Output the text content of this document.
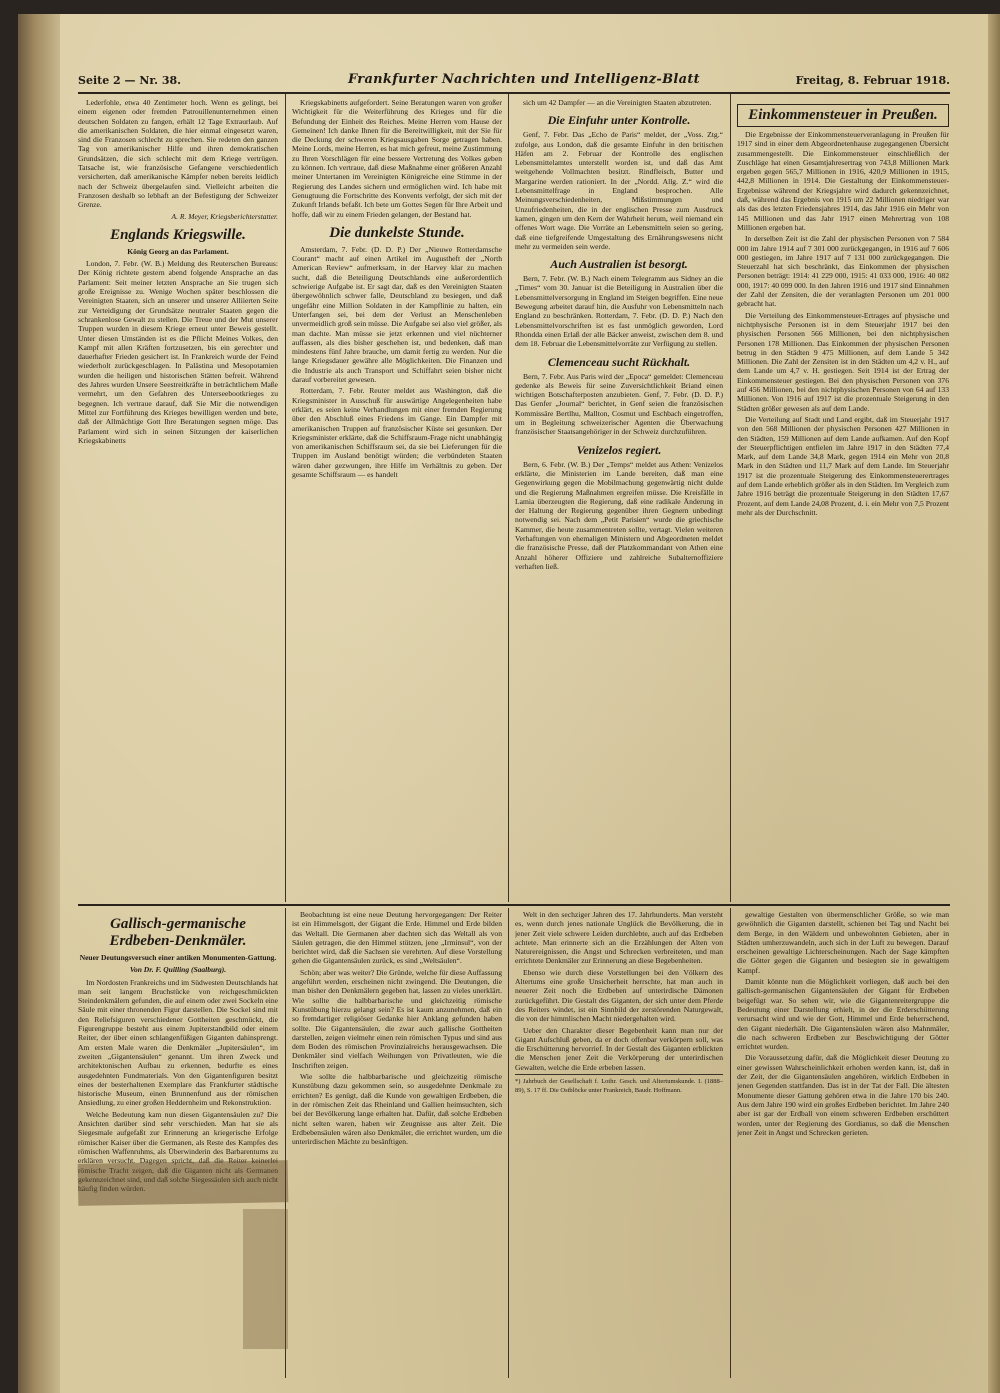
Seite 2 — Nr. 38.	Frankfurter Nachrichten und Intelligenz-Blatt	Freitag, 8. Februar 1918.

Lederfohle, etwa 40 Zentimeter hoch. Wenn es gelingt, bei einem eigenen oder fremden Patrouillenunternehmen einen deutschen Soldaten zu fangen, erhält 12 Tage Extraurlaub. Auf die amerikanischen Soldaten, die hier einmal eingesetzt waren, sind die Franzosen schlecht zu sprechen. Sie redeten den ganzen Tag von amerikanischer Hilfe und ihren demokratischen Grundsätzen, die sich schlecht mit dem Kriege vertrügen. Tatsache ist, wie französische Gefangene verschiedentlich versicherten, daß amerikanische Kämpfer neben bereits leidlich nach der Schweiz übergelaufen sind. Vielleicht arbeiten die Franzosen deshalb so lebhaft an der Befestigung der Schweizer Grenze.

A. R. Meyer, Kriegsberichterstatter.
Englands Kriegswille.
König Georg an das Parlament.

London, 7. Febr. (W. B.) Meldung des Reuterschen Bureaus: Der König richtete gestern abend folgende Ansprache an das Parlament: Seit meiner letzten Ansprache an Sie trugen sich große Ereignisse zu. Wenige Wochen später beschlossen die Vereinigten Staaten, sich an unserer und unserer Alliierten Seite zur Verteidigung der Grundsätze neutraler Staaten gegen die schrankenlose Gewalt zu stellen. Die Treue und der Mut unserer Truppen wurden in diesem Kriege erneut unter Beweis gestellt. Unter diesen Umständen ist es die Pflicht Meines Volkes, den Kampf mit allen Kräften fortzusetzen, bis ein gerechter und dauerhafter Frieden gesichert ist. In Frankreich wurde der Feind wiederholt zurückgeschlagen. In Palästina und Mesopotamien wurden die heiligen und historischen Stätten befreit. Während des Jahres wurden Unsere Seestreitkräfte in beträchtlichem Maße vermehrt, um den Gefahren des Unterseebootkrieges zu begegnen. Ich vertraue darauf, daß Sie Mir die notwendigen Mittel zur Fortführung des Krieges bewilligen werden und bete, daß der Allmächtige Gott Ihre Beratungen segnen möge. Das Parlament wird sich in seinen Sitzungen der kaiserlichen Kriegskabinetts

Kriegskabinetts aufgefordert. Seine Beratungen waren von großer Wichtigkeit für die Weiterführung des Krieges und für die Befundung der Einheit des Reiches. Meine Herren vom Hause der Gemeinen! Ich danke Ihnen für die Bereitwilligkeit, mit der Sie für die Deckung der schweren Kriegsausgaben Sorge getragen haben. Meine Lords, meine Herren, es hat mich gefreut, meine Zustimmung zu Ihren Vorschlägen für eine bessere Vertretung des Volkes geben zu können. Ich vertraue, daß diese Maßnahme einer größeren Anzahl meiner Untertanen im Vereinigten Königreiche eine Stimme in der Regierung des Landes sichern und ermöglichen wird. Ich habe mit Genugtuung die Fortschritte des Konvents verfolgt, der sich mit der Zukunft Irlands befaßt. Ich bete um Gottes Segen für Ihre Arbeit und hoffe, daß wir zu einem Frieden gelangen, der Bestand hat.

Die dunkelste Stunde.

Amsterdam, 7. Febr. (D. D. P.) Der „Nieuwe Rotterdamsche Courant“ macht auf einen Artikel im Augustheft der „North American Review“ aufmerksam, in der Harvey klar zu machen sucht, daß die Beteiligung Deutschlands eine außerordentlich schwierige Aufgabe ist. Er sagt dar, daß es den Vereinigten Staaten übergewöhnlich schwer falle, Deutschland zu besiegen, und daß ungefähr eine Million Soldaten in der Kampflinie zu halten, ein Unterfangen sei, bei dem der Verlust an Menschenleben unvermeidlich groß sein müsse. Die Aufgabe sei also viel größer, als man dachte. Man müsse sie jetzt erkennen und viel nüchterner auffassen, als dies bisher geschehen ist, und bedenken, daß man mindestens fünf Jahre brauche, um damit fertig zu werden. Nur die lange Kriegsdauer gewähre alle Möglichkeiten. Die Finanzen und die Industrie als auch Transport und Schiffahrt seien bisher nicht darauf vorbereitet gewesen.

Rotterdam, 7. Febr. Reuter meldet aus Washington, daß die Kriegsminister in Ausschuß für auswärtige Angelegenheiten habe erklärt, es seien keine Verhandlungen mit einer fremden Regierung über den Abschluß eines Friedens im Gange. Ein Dampfer mit amerikanischen Truppen auf französischer Küste sei gesunken. Der Kriegsminister erklärte, daß die Schiffsraum-Frage nicht unabhängig von amerikanischen Schiffsraum sei, da sie bei Lieferungen für die Truppen im Ausland benötigt würden; die verbündeten Staaten wären daher gezwungen, ihre Hilfe im Verhältnis zu geben. Der gesamte Schiffsraum — es handelt

sich um 42 Dampfer — an die Vereinigten Staaten abzutreten.

Die Einfuhr unter Kontrolle.

Genf, 7. Febr. Das „Echo de Paris“ meldet, der „Voss. Ztg.“ zufolge, aus London, daß die gesamte Einfuhr in den britischen Häfen am 2. Februar der Kontrolle des englischen Lebensmittelamtes unterstellt worden ist, und daß das Amt weitgehende Vollmachten besitzt. Rindfleisch, Butter und Margarine werden rationiert. In der „Nordd. Allg. Z.“ wird die Lebensmittelfrage in England besprochen. Alle Meinungsverschiedenheiten, Mißstimmungen und Unzufriedenheiten, die in der englischen Presse zum Ausdruck kamen, gingen um den Kern der Wahrheit herum, weil niemand ein offenes Wort wage. Die Vorräte an Lebensmitteln seien so gering, daß eine tiefgreifende Umgestaltung des Ernährungswesens nicht mehr zu vermeiden sein werde.

Auch Australien ist besorgt.

Bern, 7. Febr. (W. B.) Nach einem Telegramm aus Sidney an die „Times“ vom 30. Januar ist die Beteiligung in Australien über die Lebensmittelversorgung in England im Steigen begriffen. Eine neue Bewegung arbeitet darauf hin, die Ausfuhr von Lebensmitteln nach England zu beschränken. Rotterdam, 7. Febr. (D. D. P.) Nach den Lebensmittelvorschriften ist es fast unmöglich geworden, Lord Rhondda einen Erlaß der alle Bäcker anweist, zwischen dem 8. und dem 18. Februar die Lebensmittelvorräte zur Verfügung zu stellen.

Clemenceau sucht Rückhalt.

Bern, 7. Febr. Aus Paris wird der „Epoca“ gemeldet: Clemenceau gedenke als Beweis für seine Zuversichtlichkeit Briand einen wichtigen Botschafterposten anzubieten. Genf, 7. Febr. (D. D. P.) Das Genfer „Journal“ berichtet, in Genf seien die französischen Kommissäre Bertlhu, Mallton, Cosmut und Eschbach eingetroffen, um in Begleitung schweizerischer Agenten die Überwachung französischer Staatsangehöriger in der Schweiz durchzuführen.

Venizelos regiert.

Bern, 6. Febr. (W. B.) Der „Temps“ meldet aus Athen: Venizelos erklärte, die Ministerien im Lande bereiten, daß man eine Gegenwirkung gegen die Mobilmachung gegenwärtig nicht dulde und die Regierung Maßnahmen ergreifen müsse. Die Kreisfälle in Lamia überzeugten die Regierung, daß eine radikale Änderung in der Haltung der Regierung gegenüber ihren Gegnern unbedingt notwendig sei. Nach dem „Petit Parisien“ wurde die griechische Kammer, die heute zusammentreten sollte, vertagt. Vielen weiteren Verhaftungen von ehemaligen Ministern und Abgeordneten meldet die französische Presse, daß der Platzkommandant von Athen eine Anzahl höherer Offiziere und zahlreiche Subalternoffiziere verhaften ließ.

Einkommensteuer in Preußen.

Die Ergebnisse der Einkommensteuerveranlagung in Preußen für 1917 sind in einer dem Abgeordnetenhause zugegangenen Übersicht zusammengestellt. Die Einkommensteuer einschließlich der Zuschläge hat einen Gesamtjahresertrag von 743,8 Millionen Mark ergeben gegen 565,7 Millionen in 1916, 420,9 Millionen in 1915, 442,8 Millionen in 1914. Die Gestaltung der Einkommensteuer-Ergebnisse während der Kriegsjahre wird dadurch gekennzeichnet, daß, während das Ergebnis von 1915 um 22 Millionen niedriger war als das des letzten Friedensjahres 1914, das Jahr 1916 ein Mehr von 145 Millionen und das Jahr 1917 einen Mehrertrag von 108 Millionen ergeben hat.

In derselben Zeit ist die Zahl der physischen Personen von 7 584 000 im Jahre 1914 auf 7 301 000 zurückgegangen, in 1916 auf 7 606 000 gestiegen, im Jahre 1917 auf 7 131 000 zurückgegangen. Die Steuerzahl hat sich beschränkt, das Einkommen der physischen Personen beträgt: 1914: 41 229 000, 1915: 41 033 000, 1916: 40 082 000, 1917: 40 099 000. In den Jahren 1916 und 1917 sind Einnahmen der Zahl der Zensiten, die der veranlagten Personen um 201 000 gebracht hat.

Die Verteilung des Einkommensteuer-Ertrages auf physische und nichtphysische Personen ist in dem Steuerjahr 1917 bei den physischen Personen 566 Millionen, bei den nichtphysischen Personen 178 Millionen. Das Einkommen der physischen Personen betrug in den Städten 9 475 Millionen, auf dem Lande 5 342 Millionen. Die Zahl der Zensiten ist in den Städten um 4,2 v. H., auf dem Lande um 4,7 v. H. gestiegen. Seit 1914 ist der Ertrag der Einkommensteuer gestiegen. Bei den physischen Personen von 376 auf 456 Millionen, bei den nichtphysischen Personen von 64 auf 133 Millionen. Von 1916 auf 1917 ist die prozentuale Steigerung in den Städten größer gewesen als auf dem Lande.

Die Verteilung auf Stadt und Land ergibt, daß im Steuerjahr 1917 von den 568 Millionen der physischen Personen 427 Millionen in den Städten, 159 Millionen auf dem Lande aufkamen. Auf den Kopf der Steuerpflichtigen entfielen im Jahre 1917 in den Städten 77,4 Mark, auf dem Lande 34,8 Mark, gegen 1914 ein Mehr von 20,8 Mark in den Städten und 11,7 Mark auf dem Lande. Im Steuerjahr 1917 ist die prozentuale Steigerung des Einkommensteuerertrages auf dem Lande erheblich größer als in den Städten. Im Vergleich zum Jahre 1916 beträgt die prozentuale Steigerung in den Städten 17,67 Prozent, auf dem Lande 24,08 Prozent, d. i. ein Mehr von 7,5 Prozent mehr als der Durchschnitt.

Gallisch-germanische Erdbeben-Denkmäler.
Neuer Deutungsversuch einer antiken Monumenten-Gattung.
Von Dr. F. Quilling (Saalburg).

Im Nordosten Frankreichs und im Südwesten Deutschlands hat man seit langem Bruchstücke von reichgeschmückten Steindenkmälern gefunden, die auf einem oder zwei Sockeln eine Säule mit einer thronenden Figur darstellen. Die Sockel sind mit den Reliefsiguren verschiedener Gottheiten geschmückt, die Figurengruppe besteht aus einem Jupiterstandbild oder einem Reiter, der über einen schlangenfüßigen Giganten dahinsprengt. Am ersten Male waren die Denkmäler „Jupitersäulen“, im zweiten „Gigantensäulen“ genannt. Um ihren Zweck und architektonischen Aufbau zu erkennen, bedurfte es eines ausgedehnten Fundmaterials. Von den Gigantenfiguren besitzt eines der besterhaltenen Exemplare das Frankfurter städtische historische Museum, einen Brunnenfund aus der römischen Ansiedlung, zu einer großen Heddernheim und Rekonstruktion.

Welche Bedeutung kam nun diesen Gigantensäulen zu? Die Ansichten darüber sind sehr verschieden. Man hat sie als Siegesmale aufgefaßt zur Erinnerung an kriegerische Erfolge römischer Kaiser über die Germanen, als Reste des Kampfes des römischen Waffenruhms, als Überwinderin des Barbarentums zu erklären versucht. Dagegen spricht, daß die Reiter keinerlei römische Tracht zeigen, daß die Giganten nicht als Germanen gekennzeichnet sind, und daß solche Siegessäulen sich auch nicht häufig finden würden.

Beobachtung ist eine neue Deutung hervorgegangen: Der Reiter ist ein Himmelsgott, der Gigant die Erde. Himmel und Erde bilden das Weltall. Die Germanen aber dachten sich das Weltall als von Säulen getragen, die den Himmel stützen, jene „Irminsul“, von der berichtet wird, daß die Sachsen sie verehrten. Auf diese Vorstellung gehen die Gigantensäulen zurück, es sind „Weltsäulen“.

Schön; aber was weiter? Die Gründe, welche für diese Auffassung angeführt werden, erscheinen nicht zwingend. Die Deutungen, die man bisher den Denkmälern gegeben hat, lassen zu vieles unerklärt. Wie sollte die halbbarbarische und gleichzeitig römische Kunstübung hierzu gelangt sein? Es ist kaum anzunehmen, daß ein so fremdartiger religiöser Gedanke hier Anklang gefunden haben sollte. Die Gigantensäulen, die zwar auch gallische Gottheiten darstellen, zeigen vielmehr einen rein römischen Typus und sind aus dem Boden des römischen Provinzialreichs herausgewachsen. Die Denkmäler sind vielfach Weihungen von Privatleuten, wie die Inschriften zeigen.

Wie sollte die halbbarbarische und gleichzeitig römische Kunstübung dazu gekommen sein, so ausgedehnte Denkmale zu errichten? Es genügt, daß die Kunde von gewaltigen Erdbeben, die in der römischen Zeit das Rheinland und Gallien heimsuchten, sich bei der Bevölkerung lange erhalten hat. Dafür, daß solche Erdbeben nicht selten waren, haben wir Zeugnisse aus alter Zeit. Die Erdbebensäulen wären also Denkmäler, die errichtet wurden, um die unterirdischen Mächte zu besänftigen.

Welt in den sechziger Jahren des 17. Jahrhunderts. Man versteht es, wenn durch jenes nationale Unglück die Bevölkerung, die in jener Zeit viele schwere Leiden durchlebte, auch auf das Erdbeben achtete. Man erinnerte sich an die Erzählungen der Alten von Naturereignissen, die Angst und Schrecken verbreiteten, und man errichtete Denkmäler zur Erinnerung an diese Begebenheiten.

Ebenso wie durch diese Vorstellungen bei den Völkern des Altertums eine große Unsicherheit herrschte, hat man auch in neuerer Zeit noch die Erdbeben auf unterirdische Dämonen zurückgeführt. Die Gestalt des Giganten, der sich unter dem Pferde des Reiters windet, ist ein Sinnbild der zerstörenden Naturgewalt, die von der himmlischen Macht niedergehalten wird.

Ueber den Charakter dieser Begebenheit kann man nur der Gigant Aufschluß geben, da er doch offenbar verkörpern soll, was die Erschütterung hervorrief. In der Gestalt des Giganten erblickten die Menschen jener Zeit die Verkörperung der unterirdischen Gewalten, welche die Erde erbeben lassen.

*) Jahrbuch der Gesellschaft f. Lothr. Gesch. und Altertumskunde. I. (1888–89), S. 17 ff. Die Ostblöcke unter Frankreich, Baudr. Hoffmann.

gewaltige Gestalten von übermenschlicher Größe, so wie man gewöhnlich die Giganten darstellt, schienen bei Tag und Nacht bei dem Berge, in den Wäldern und unbewohnten Gebieten, aber in Städten umherzuwandeln, auch sich in der Luft zu bewegen. Darauf erscheinen gewaltige Lichterscheinungen. Nach der Sage kämpften die Götter gegen die Giganten und besiegten sie in gewaltigem Kampf.

Damit könnte nun die Möglichkeit vorliegen, daß auch bei den gallisch-germanischen Gigantensäulen der Gigant für Erdbeben beigefügt war. So sehen wir, wie die Gigantenreitergruppe die Bedeutung einer Darstellung erhielt, in der die Erderschütterung verursacht wird und wie der Gott, Himmel und Erde beherrschend, den Gigant niederhält. Die Gigantensäulen wären also Mahnmäler, die nach schweren Erdbeben zur Beschwichtigung der Götter errichtet wurden.

Die Voraussetzung dafür, daß die Möglichkeit dieser Deutung zu einer gewissen Wahrscheinlichkeit erhoben werden kann, ist, daß in der Zeit, der die Gigantensäulen angehören, wirklich Erdbeben in jenen Gegenden stattfanden. Das ist in der Tat der Fall. Die ältesten Monumente dieser Gattung gehören etwa in die Jahre 170 bis 240. Aus dem Jahre 190 wird ein großes Erdbeben berichtet. Im Jahre 240 aber ist gar der Erdball von einem schweren Erdbeben erschüttert worden, unter der Regierung des Gordianus, so daß die Menschen jener Zeit in Angst und Schrecken gerieten.
